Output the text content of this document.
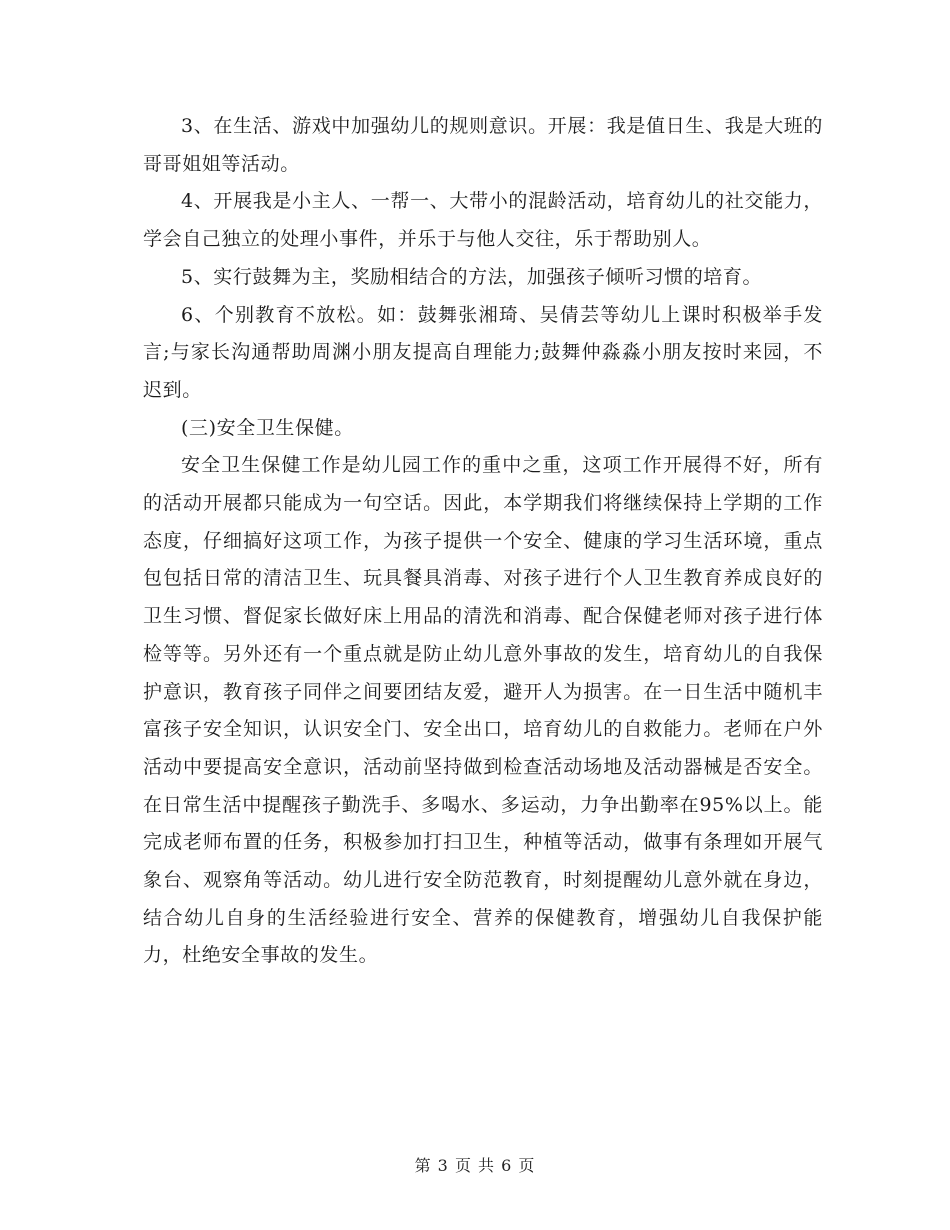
3、在生活、游戏中加强幼儿的规则意识。开展：我是值日生、我是大班的哥哥姐姐等活动。

4、开展我是小主人、一帮一、大带小的混龄活动，培育幼儿的社交能力，学会自己独立的处理小事件，并乐于与他人交往，乐于帮助别人。

5、实行鼓舞为主，奖励相结合的方法，加强孩子倾听习惯的培育。

6、个别教育不放松。如：鼓舞张湘琦、吴倩芸等幼儿上课时积极举手发言;与家长沟通帮助周渊小朋友提高自理能力;鼓舞仲淼淼小朋友按时来园，不迟到。

(三)安全卫生保健。

安全卫生保健工作是幼儿园工作的重中之重，这项工作开展得不好，所有的活动开展都只能成为一句空话。因此，本学期我们将继续保持上学期的工作态度，仔细搞好这项工作，为孩子提供一个安全、健康的学习生活环境，重点包包括日常的清洁卫生、玩具餐具消毒、对孩子进行个人卫生教育养成良好的卫生习惯、督促家长做好床上用品的清洗和消毒、配合保健老师对孩子进行体检等等。另外还有一个重点就是防止幼儿意外事故的发生，培育幼儿的自我保护意识，教育孩子同伴之间要团结友爱，避开人为损害。在一日生活中随机丰富孩子安全知识，认识安全门、安全出口，培育幼儿的自救能力。老师在户外活动中要提高安全意识，活动前坚持做到检查活动场地及活动器械是否安全。在日常生活中提醒孩子勤洗手、多喝水、多运动，力争出勤率在95%以上。能完成老师布置的任务，积极参加打扫卫生，种植等活动，做事有条理如开展气象台、观察角等活动。幼儿进行安全防范教育，时刻提醒幼儿意外就在身边，结合幼儿自身的生活经验进行安全、营养的保健教育，增强幼儿自我保护能力，杜绝安全事故的发生。

第 3 页 共 6 页
